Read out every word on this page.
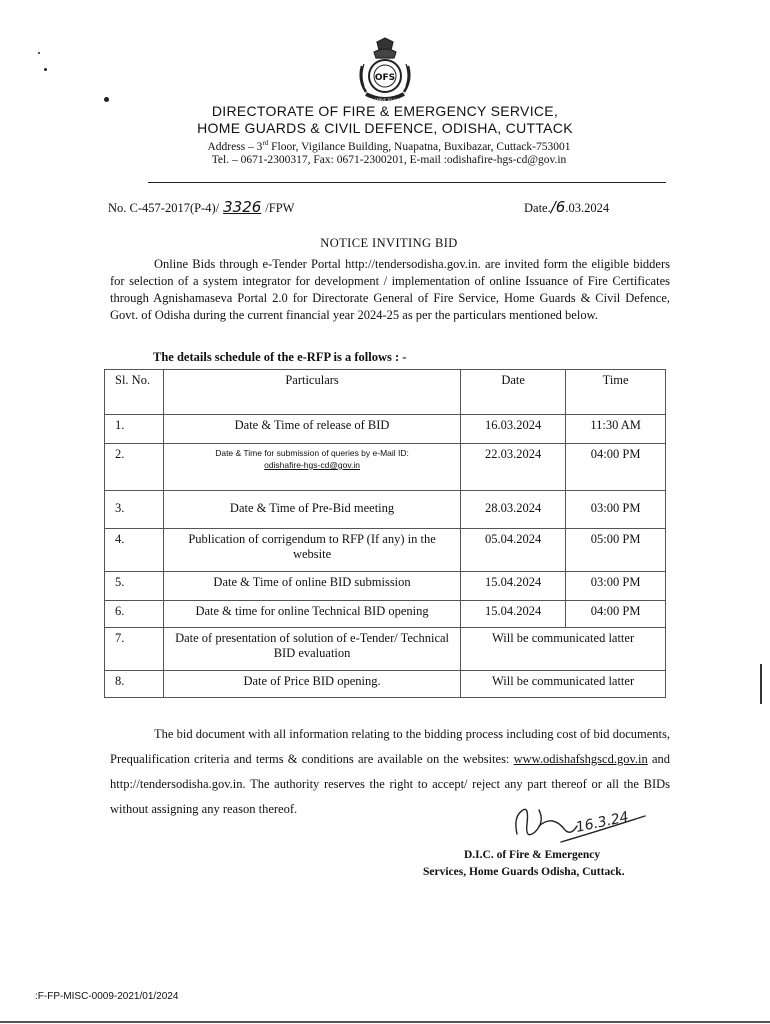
OFS
WE SERVE TO SAVE
DIRECTORATE OF FIRE & EMERGENCY SERVICE,
HOME GUARDS & CIVIL DEFENCE, ODISHA, CUTTACK
Address – 3rd Floor, Vigilance Building, Nuapatna, Buxibazar, Cuttack-753001
Tel. – 0671-2300317, Fax: 0671-2300201, E-mail :odishafire-hgs-cd@gov.in
No. C-457-2017(P-4)/ 3326 /FPW	Date./6.03.2024
NOTICE INVITING BID
Online Bids through e-Tender Portal http://tendersodisha.gov.in. are invited form the eligible bidders for selection of a system integrator for development / implementation of online Issuance of Fire Certificates through Agnishamaseva Portal 2.0 for Directorate General of Fire Service, Home Guards & Civil Defence, Govt. of Odisha during the current financial year 2024-25 as per the particulars mentioned below.
The details schedule of the e-RFP is a follows : -
Sl. No.	Particulars	Date	Time
1.	Date & Time of release of BID	16.03.2024	11:30 AM
2.	Date & Time for submission of queries by e-Mail ID:
odishafire-hgs-cd@gov.in	22.03.2024	04:00 PM
3.	Date & Time of Pre-Bid meeting	28.03.2024	03:00 PM
4.	Publication of corrigendum to RFP (If any) in the website	05.04.2024	05:00 PM
5.	Date & Time of online BID submission	15.04.2024	03:00 PM
6.	Date & time for online Technical BID opening	15.04.2024	04:00 PM
7.	Date of presentation of solution of e-Tender/ Technical BID evaluation	Will be communicated latter	
8.	Date of Price BID opening.	Will be communicated latter	
The bid document with all information relating to the bidding process including cost of bid documents, Prequalification criteria and terms & conditions are available on the websites: www.odishafshgscd.gov.in and http://tendersodisha.gov.in. The authority reserves the right to accept/ reject any part thereof or all the BIDs without assigning any reason thereof.
16.3.24
D.I.C. of Fire & Emergency
Services, Home Guards Odisha, Cuttack.
:F-FP-MISC-0009-2021/01/2024
